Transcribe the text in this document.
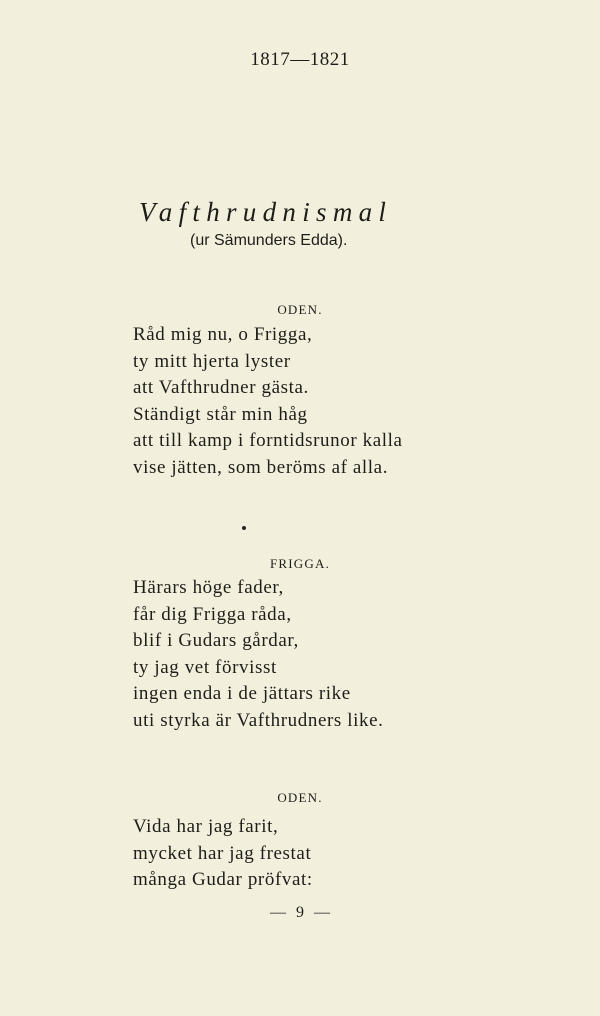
1817—1821
Vafthrudnismal
(ur Sämunders Edda).
ODEN.
Råd mig nu, o Frigga,
ty mitt hjerta lyster
att Vafthrudner gästa.
Ständigt står min håg
att till kamp i forntidsrunor kalla
vise jätten, som beröms af alla.
FRIGGA.
Härars höge fader,
får dig Frigga råda,
blif i Gudars gårdar,
ty jag vet förvisst
ingen enda i de jättars rike
uti styrka är Vafthrudners like.
ODEN.
Vida har jag farit,
mycket har jag frestat
många Gudar pröfvat:
— 9 —
